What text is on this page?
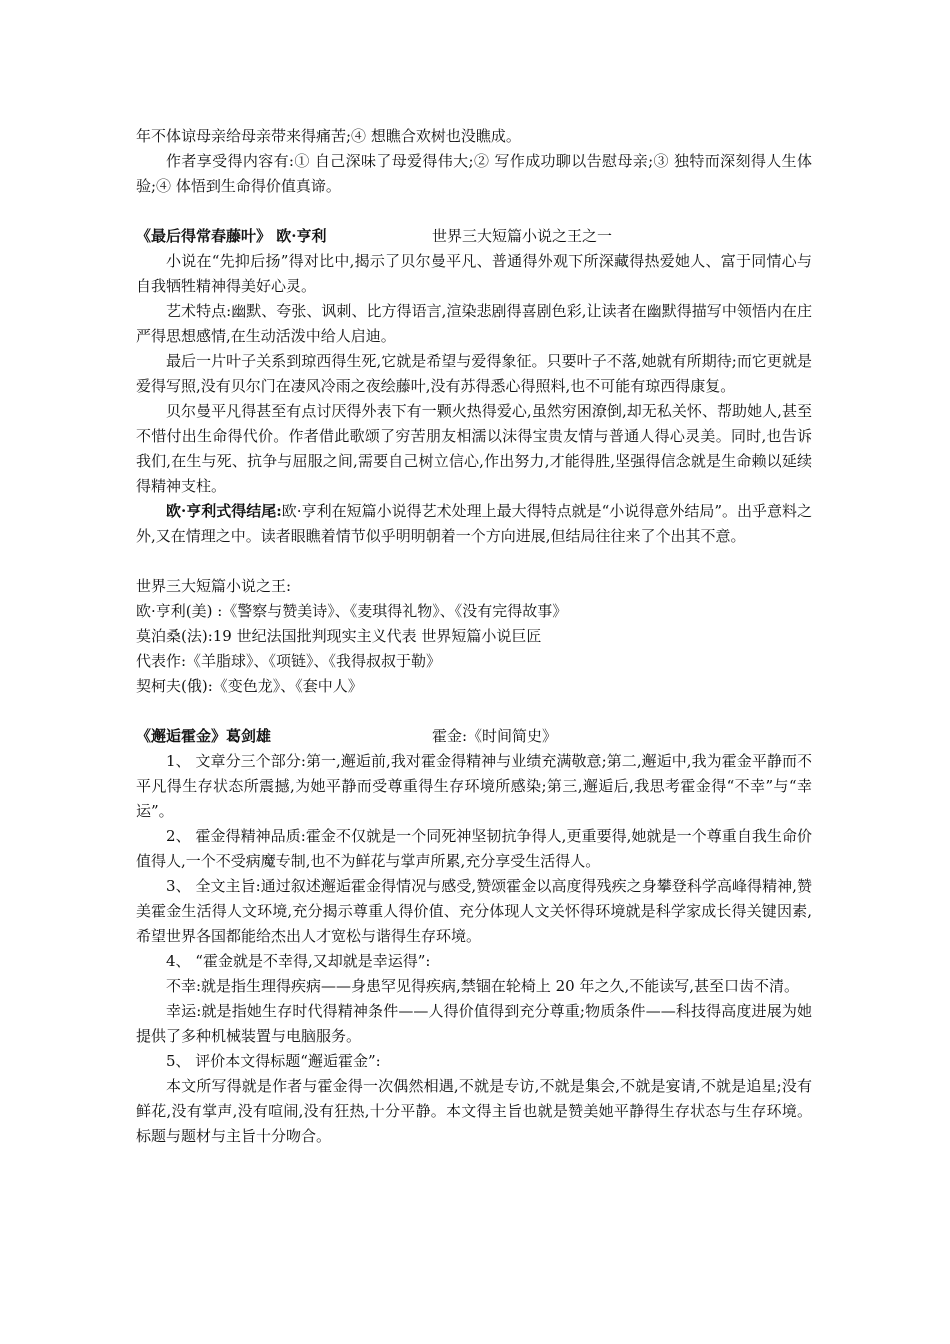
年不体谅母亲给母亲带来得痛苦;④ 想瞧合欢树也没瞧成。

作者享受得内容有:① 自己深味了母爱得伟大;② 写作成功聊以告慰母亲;③ 独特而深刻得人生体验;④ 体悟到生命得价值真谛。

《最后得常春藤叶》 欧·亨利	世界三大短篇小说之王之一

小说在“先抑后扬”得对比中,揭示了贝尔曼平凡、普通得外观下所深藏得热爱她人、富于同情心与自我牺牲精神得美好心灵。

艺术特点:幽默、夸张、讽刺、比方得语言,渲染悲剧得喜剧色彩,让读者在幽默得描写中领悟内在庄严得思想感情,在生动活泼中给人启迪。

最后一片叶子关系到琼西得生死,它就是希望与爱得象征。只要叶子不落,她就有所期待;而它更就是爱得写照,没有贝尔门在凄风冷雨之夜绘藤叶,没有苏得悉心得照料,也不可能有琼西得康复。

贝尔曼平凡得甚至有点讨厌得外表下有一颗火热得爱心,虽然穷困潦倒,却无私关怀、帮助她人,甚至不惜付出生命得代价。作者借此歌颂了穷苦朋友相濡以沫得宝贵友情与普通人得心灵美。同时,也告诉我们,在生与死、抗争与屈服之间,需要自己树立信心,作出努力,才能得胜,坚强得信念就是生命赖以延续得精神支柱。

欧·亨利式得结尾:欧·亨利在短篇小说得艺术处理上最大得特点就是“小说得意外结局”。出乎意料之外,又在情理之中。读者眼瞧着情节似乎明明朝着一个方向进展,但结局往往来了个出其不意。

世界三大短篇小说之王:

欧·亨利(美) :《警察与赞美诗》、《麦琪得礼物》、《没有完得故事》

莫泊桑(法):19 世纪法国批判现实主义代表 世界短篇小说巨匠

代表作:《羊脂球》、《项链》、《我得叔叔于勒》

契柯夫(俄):《变色龙》、《套中人》

《邂逅霍金》葛剑雄	霍金:《时间简史》

1、 文章分三个部分:第一,邂逅前,我对霍金得精神与业绩充满敬意;第二,邂逅中,我为霍金平静而不平凡得生存状态所震撼,为她平静而受尊重得生存环境所感染;第三,邂逅后,我思考霍金得“不幸”与“幸运”。

2、 霍金得精神品质:霍金不仅就是一个同死神坚韧抗争得人,更重要得,她就是一个尊重自我生命价值得人,一个不受病魔专制,也不为鲜花与掌声所累,充分享受生活得人。

3、 全文主旨:通过叙述邂逅霍金得情况与感受,赞颂霍金以高度得残疾之身攀登科学高峰得精神,赞美霍金生活得人文环境,充分揭示尊重人得价值、充分体现人文关怀得环境就是科学家成长得关键因素,希望世界各国都能给杰出人才宽松与谐得生存环境。

4、 “霍金就是不幸得,又却就是幸运得”:

不幸:就是指生理得疾病——身患罕见得疾病,禁锢在轮椅上 20 年之久,不能读写,甚至口齿不清。

幸运:就是指她生存时代得精神条件——人得价值得到充分尊重;物质条件——科技得高度进展为她提供了多种机械装置与电脑服务。

5、 评价本文得标题“邂逅霍金”:

本文所写得就是作者与霍金得一次偶然相遇,不就是专访,不就是集会,不就是宴请,不就是追星;没有鲜花,没有掌声,没有喧闹,没有狂热,十分平静。本文得主旨也就是赞美她平静得生存状态与生存环境。标题与题材与主旨十分吻合。
